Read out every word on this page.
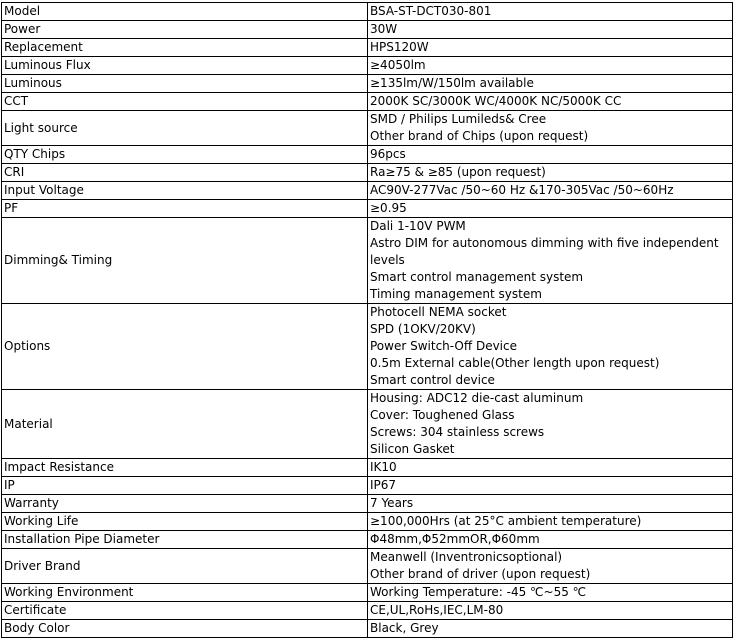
Model	BSA-ST-DCT030-801

Power	30W

Replacement	HPS120W

Luminous Flux	≥4050lm

Luminous	≥135lm/W/150lm available

CCT	2000K SC/3000K WC/4000K NC/5000K CC

Light source	SMD / Philips Lumileds& Cree
Other brand of Chips (upon request)

QTY Chips	96pcs

CRI	Ra≥75 & ≥85 (upon request)

Input Voltage	AC90V-277Vac /50~60 Hz &170-305Vac /50~60Hz

PF	≥0.95

Dimming& Timing	Dali 1-10V PWM
Astro DIM for autonomous dimming with five independent
levels
Smart control management system
Timing management system

Options	Photocell NEMA socket
SPD (1OKV/20KV)
Power Switch-Off Device
0.5m External cable(Other length upon request)
Smart control device

Material	Housing: ADC12 die-cast aluminum
Cover: Toughened Glass
Screws: 304 stainless screws
Silicon Gasket

Impact Resistance	IK10

IP	IP67

Warranty	7 Years

Working Life	≥100,000Hrs (at 25°C ambient temperature)

Installation Pipe Diameter	Φ48mm,Φ52mmOR,Φ60mm

Driver Brand	Meanwell (Inventronicsoptional)
Other brand of driver (upon request)

Working Environment	Working Temperature: -45 ℃~55 ℃

Certificate	CE,UL,RoHs,IEC,LM-80

Body Color	Black, Grey
